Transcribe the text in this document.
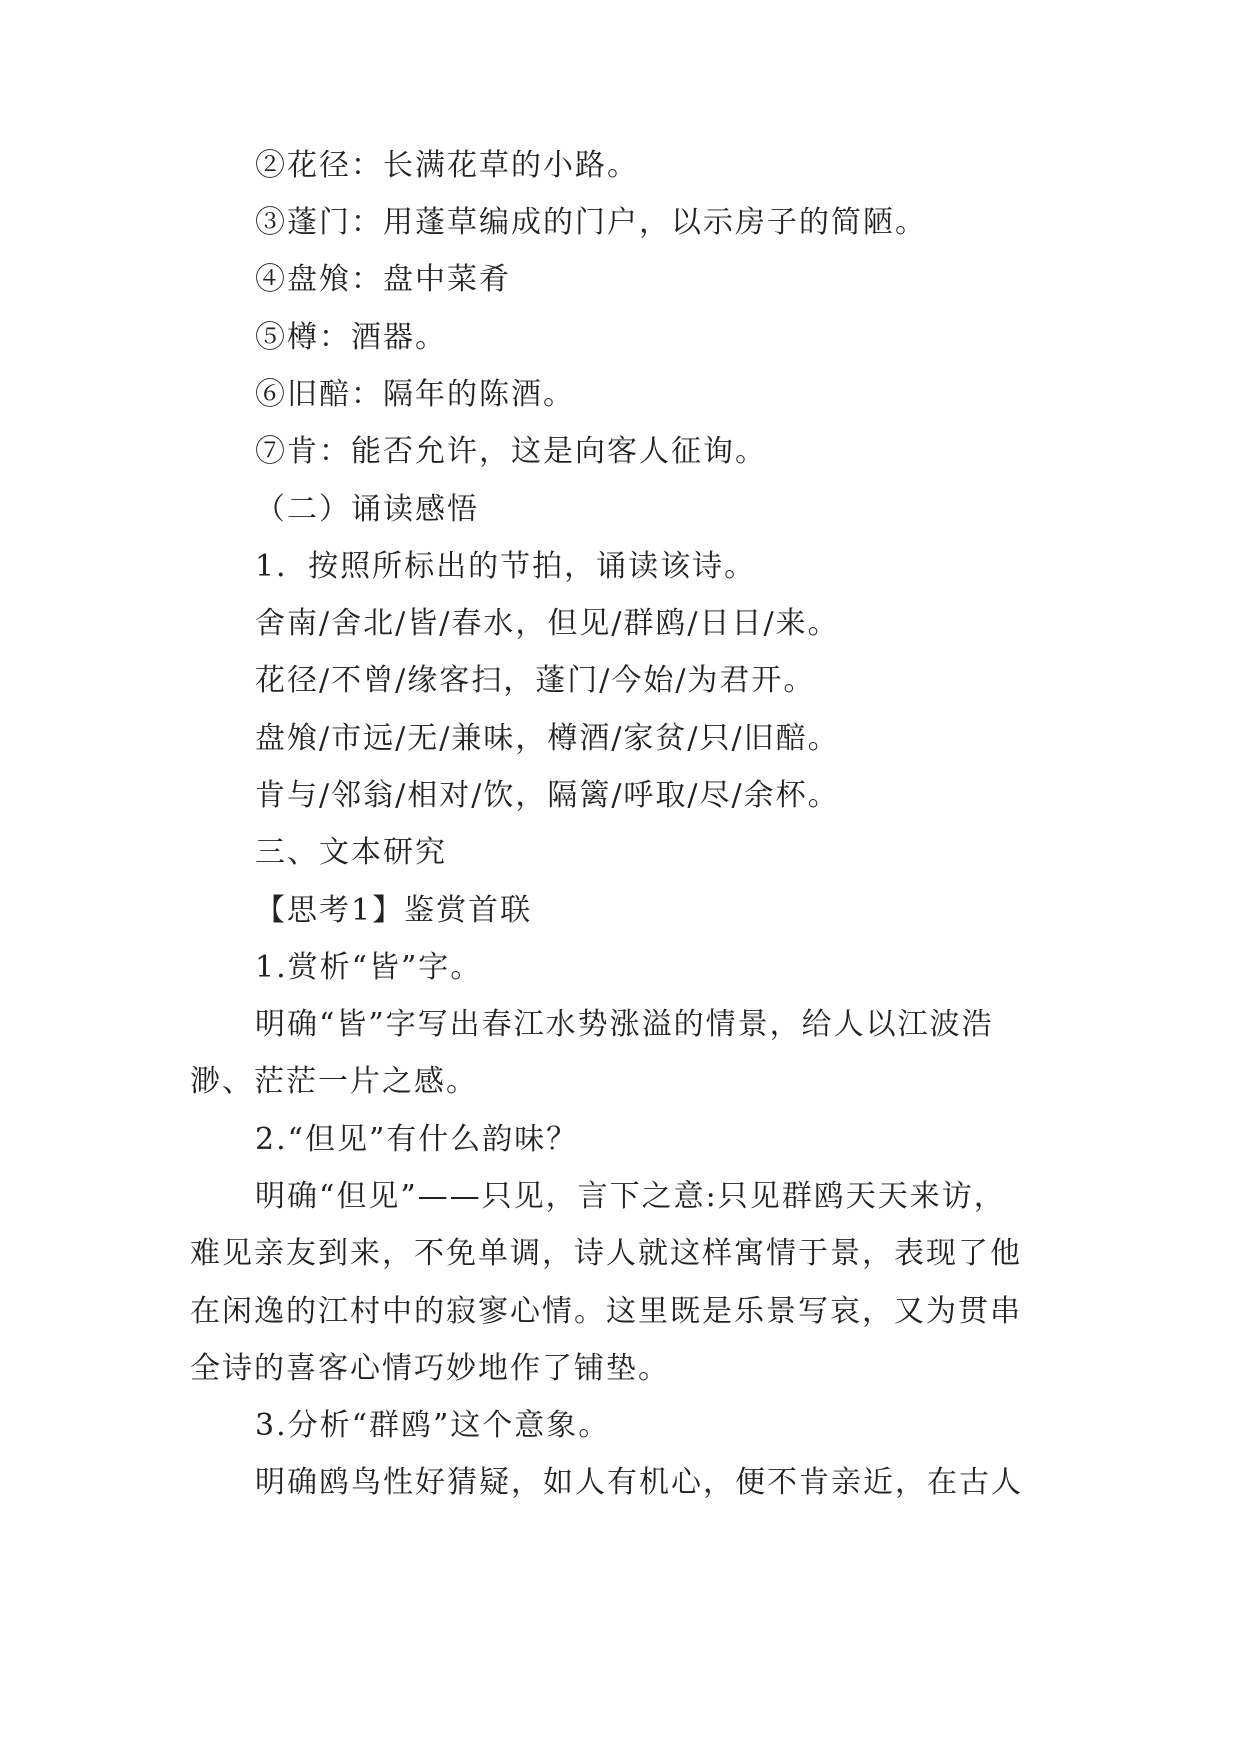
②花径：长满花草的小路。
③蓬门：用蓬草编成的门户，以示房子的简陋。
④盘飧：盘中菜肴
⑤樽：酒器。
⑥旧醅：隔年的陈酒。
⑦肯：能否允许，这是向客人征询。
（二）诵读感悟
1．按照所标出的节拍，诵读该诗。
舍南/舍北/皆/春水，但见/群鸥/日日/来。
花径/不曾/缘客扫，蓬门/今始/为君开。
盘飧/市远/无/兼味，樽酒/家贫/只/旧醅。
肯与/邻翁/相对/饮，隔篱/呼取/尽/余杯。
三、文本研究
【思考1】鉴赏首联
1.赏析“皆”字。
明确“皆”字写出春江水势涨溢的情景，给人以江波浩
渺、茫茫一片之感。
2.“但见”有什么韵味？
明确“但见”——只见，言下之意:只见群鸥天天来访，
难见亲友到来，不免单调，诗人就这样寓情于景，表现了他
在闲逸的江村中的寂寥心情。这里既是乐景写哀，又为贯串
全诗的喜客心情巧妙地作了铺垫。
3.分析“群鸥”这个意象。
明确鸥鸟性好猜疑，如人有机心，便不肯亲近，在古人
